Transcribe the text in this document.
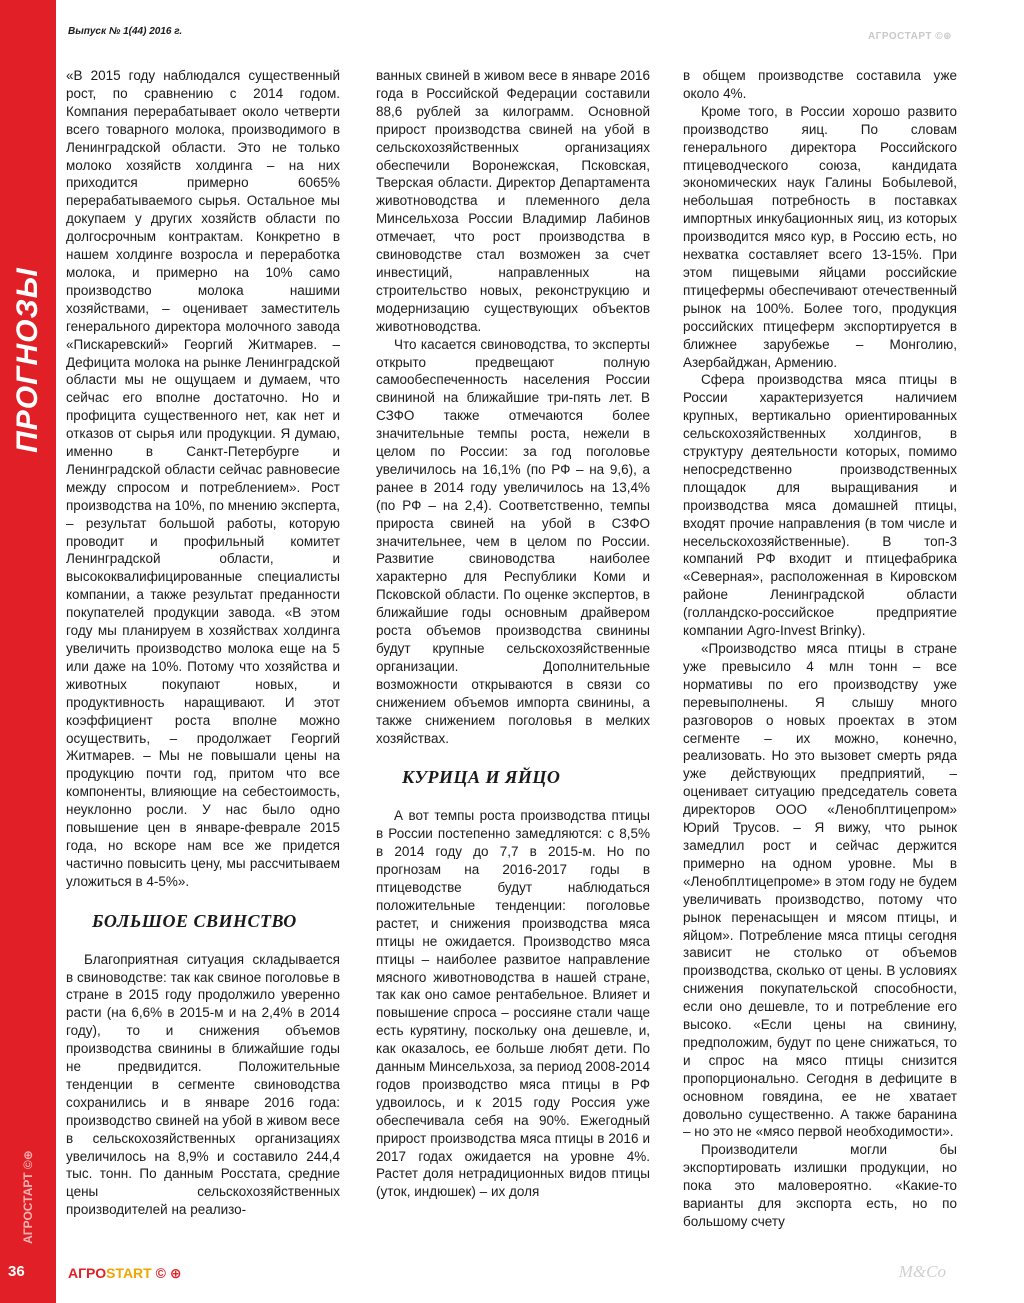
ПРОГНОЗЫ
АГРОСТАРТ ©⊕
36
Выпуск № 1(44) 2016 г.	АГРОСТАРТ ©⊕

«В 2015 году наблюдался существенный рост, по сравнению с 2014 годом. Компания перерабатывает около четверти всего товарного молока, производимого в Ленинградской области. Это не только молоко хозяйств холдинга – на них приходится примерно 6065% перерабатываемого сырья. Остальное мы докупаем у других хозяйств области по долгосрочным контрактам. Конкретно в нашем холдинге возросла и переработка молока, и примерно на 10% само производство молока нашими хозяйствами, – оценивает заместитель генерального директора молочного завода «Пискаревский» Георгий Житмарев. – Дефицита молока на рынке Ленинградской области мы не ощущаем и думаем, что сейчас его вполне достаточно. Но и профицита существенного нет, как нет и отказов от сырья или продукции. Я думаю, именно в Санкт-Петербурге и Ленинградской области сейчас равновесие между спросом и потреблением». Рост производства на 10%, по мнению эксперта, – результат большой работы, которую проводит и профильный комитет Ленинградской области, и высококвалифицированные специалисты компании, а также результат преданности покупателей продукции завода. «В этом году мы планируем в хозяйствах холдинга увеличить производство молока еще на 5 или даже на 10%. Потому что хозяйства и животных покупают новых, и продуктивность наращивают. И этот коэффициент роста вполне можно осуществить, – продолжает Георгий Житмарев. – Мы не повышали цены на продукцию почти год, притом что все компоненты, влияющие на себестоимость, неуклонно росли. У нас было одно повышение цен в январе-феврале 2015 года, но вскоре нам все же придется частично повысить цену, мы рассчитываем уложиться в 4-5%».

БОЛЬШОЕ СВИНСТВО

Благоприятная ситуация складывается в свиноводстве: так как свиное поголовье в стране в 2015 году продолжило уверенно расти (на 6,6% в 2015-м и на 2,4% в 2014 году), то и снижения объемов производства свинины в ближайшие годы не предвидится. Положительные тенденции в сегменте свиноводства сохранились и в январе 2016 года: производство свиней на убой в живом весе в сельскохозяйственных организациях увеличилось на 8,9% и составило 244,4 тыс. тонн. По данным Росстата, средние цены сельскохозяйственных производителей на реализо-

ванных свиней в живом весе в январе 2016 года в Российской Федерации составили 88,6 рублей за килограмм. Основной прирост производства свиней на убой в сельскохозяйственных организациях обеспечили Воронежская, Псковская, Тверская области. Директор Департамента животноводства и племенного дела Минсельхоза России Владимир Лабинов отмечает, что рост производства в свиноводстве стал возможен за счет инвестиций, направленных на строительство новых, реконструкцию и модернизацию существующих объектов животноводства.

Что касается свиноводства, то эксперты открыто предвещают полную самообеспеченность населения России свининой на ближайшие три-пять лет. В СЗФО также отмечаются более значительные темпы роста, нежели в целом по России: за год поголовье увеличилось на 16,1% (по РФ – на 9,6), а ранее в 2014 году увеличилось на 13,4% (по РФ – на 2,4). Соответственно, темпы прироста свиней на убой в СЗФО значительнее, чем в целом по России. Развитие свиноводства наиболее характерно для Республики Коми и Псковской области. По оценке экспертов, в ближайшие годы основным драйвером роста объемов производства свинины будут крупные сельскохозяйственные организации. Дополнительные возможности открываются в связи со снижением объемов импорта свинины, а также снижением поголовья в мелких хозяйствах.

КУРИЦА И ЯЙЦО

А вот темпы роста производства птицы в России постепенно замедляются: с 8,5% в 2014 году до 7,7 в 2015-м. Но по прогнозам на 2016-2017 годы в птицеводстве будут наблюдаться положительные тенденции: поголовье растет, и снижения производства мяса птицы не ожидается. Производство мяса птицы – наиболее развитое направление мясного животноводства в нашей стране, так как оно самое рентабельное. Влияет и повышение спроса – россияне стали чаще есть курятину, поскольку она дешевле, и, как оказалось, ее больше любят дети. По данным Минсельхоза, за период 2008-2014 годов производство мяса птицы в РФ удвоилось, и к 2015 году Россия уже обеспечивала себя на 90%. Ежегодный прирост производства мяса птицы в 2016 и 2017 годах ожидается на уровне 4%. Растет доля нетрадиционных видов птицы (уток, индюшек) – их доля

в общем производстве составила уже около 4%.

Кроме того, в России хорошо развито производство яиц. По словам генерального директора Российского птицеводческого союза, кандидата экономических наук Галины Бобылевой, небольшая потребность в поставках импортных инкубационных яиц, из которых производится мясо кур, в Россию есть, но нехватка составляет всего 13-15%. При этом пищевыми яйцами российские птицефермы обеспечивают отечественный рынок на 100%. Более того, продукция российских птицеферм экспортируется в ближнее зарубежье – Монголию, Азербайджан, Армению.

Сфера производства мяса птицы в России характеризуется наличием крупных, вертикально ориентированных сельскохозяйственных холдингов, в структуру деятельности которых, помимо непосредственно производственных площадок для выращивания и производства мяса домашней птицы, входят прочие направления (в том числе и несельскохозяйственные). В топ-3 компаний РФ входит и птицефабрика «Северная», расположенная в Кировском районе Ленинградской области (голландско-российское предприятие компании Agro-Invest Brinky).

«Производство мяса птицы в стране уже превысило 4 млн тонн – все нормативы по его производству уже перевыполнены. Я слышу много разговоров о новых проектах в этом сегменте – их можно, конечно, реализовать. Но это вызовет смерть ряда уже действующих предприятий, – оценивает ситуацию председатель совета директоров ООО «Ленобплтицепром» Юрий Трусов. – Я вижу, что рынок замедлил рост и сейчас держится примерно на одном уровне. Мы в «Ленобплтицепроме» в этом году не будем увеличивать производство, потому что рынок перенасыщен и мясом птицы, и яйцом». Потребление мяса птицы сегодня зависит не столько от объемов производства, сколько от цены. В условиях снижения покупательской способности, если оно дешевле, то и потребление его высоко. «Если цены на свинину, предположим, будут по цене снижаться, то и спрос на мясо птицы снизится пропорционально. Сегодня в дефиците в основном говядина, ее не хватает довольно существенно. А также баранина – но это не «мясо первой необходимости».

Производители могли бы экспортировать излишки продукции, но пока это маловероятно. «Какие-то варианты для экспорта есть, но по большому счету

АГРОSTART © ⊕	M&Co
